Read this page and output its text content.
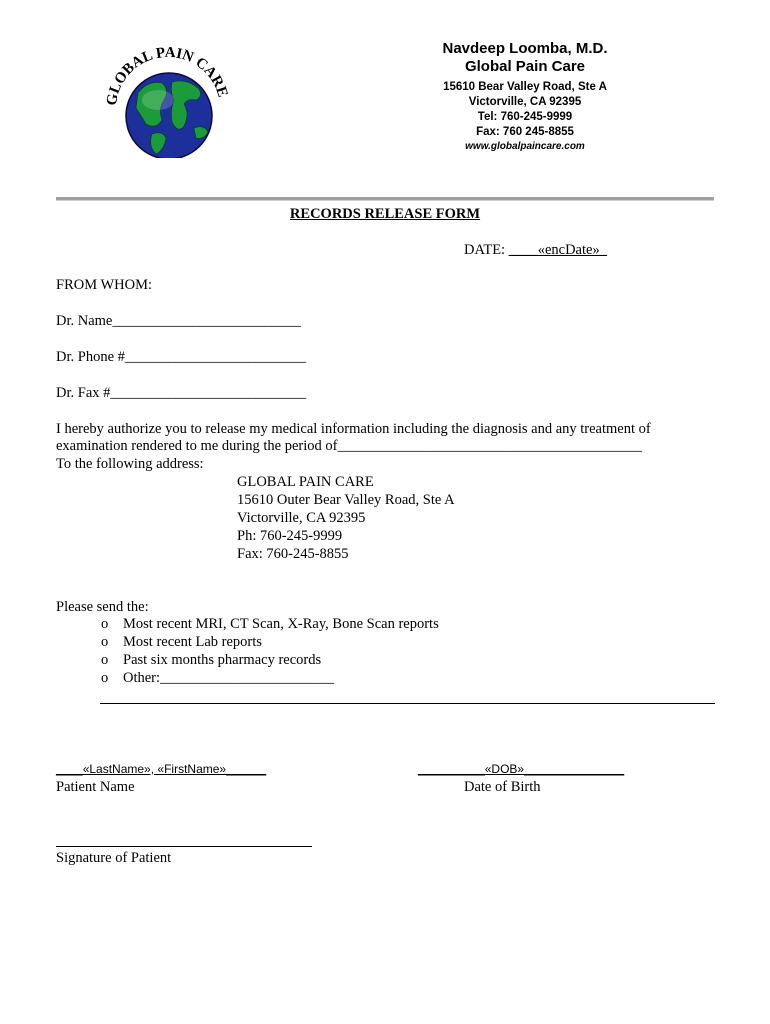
GLOBAL PAIN CARE
Navdeep Loomba, M.D.
Global Pain Care
15610 Bear Valley Road, Ste A
Victorville, CA 92395
Tel: 760-245-9999
Fax: 760 245-8855
www.globalpaincare.com
RECORDS RELEASE FORM
DATE: ____«encDate»_
FROM WHOM:
Dr. Name__________________________
Dr. Phone #_________________________
Dr. Fax #___________________________
I hereby authorize you to release my medical information including the diagnosis and any treatment of
examination rendered to me during the period of__________________________________________
To the following address:
GLOBAL PAIN CARE
15610 Outer Bear Valley Road, Ste A
Victorville, CA 92395
Ph: 760-245-9999
Fax: 760-245-8855
Please send the:
o Most recent MRI, CT Scan, X-Ray, Bone Scan reports
o Most recent Lab reports
o Past six months pharmacy records
o Other:________________________
____«LastName», «FirstName»______
Patient Name
__________«DOB»_______________
Date of Birth
Signature of Patient
